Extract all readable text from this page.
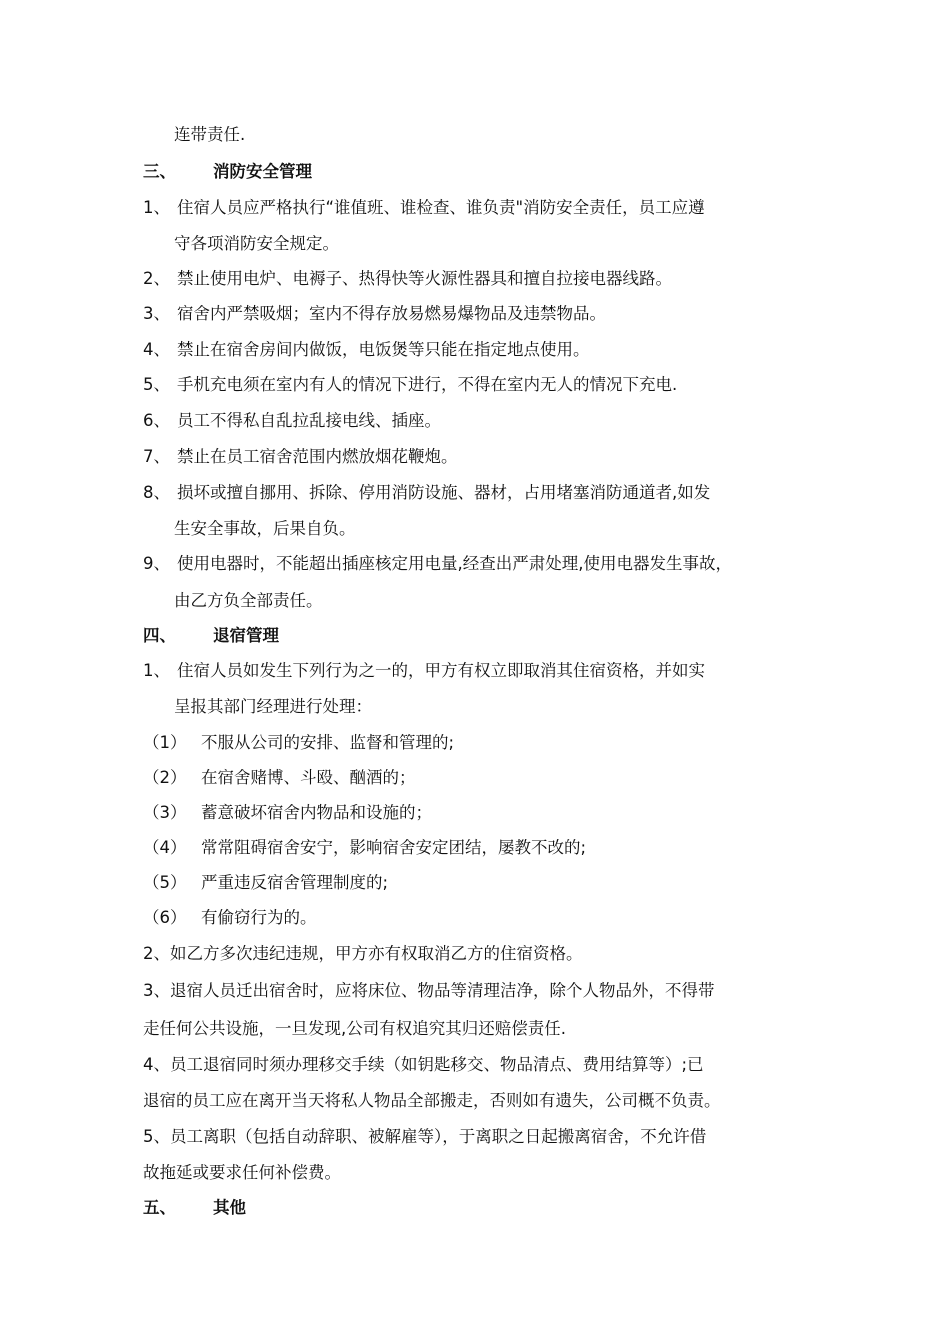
连带责任.
三、 消防安全管理
1、 住宿人员应严格执行“谁值班、谁检查、谁负责"消防安全责任，员工应遵
守各项消防安全规定。
2、 禁止使用电炉、电褥子、热得快等火源性器具和擅自拉接电器线路。
3、 宿舍内严禁吸烟；室内不得存放易燃易爆物品及违禁物品。
4、 禁止在宿舍房间内做饭，电饭煲等只能在指定地点使用。
5、 手机充电须在室内有人的情况下进行，不得在室内无人的情况下充电.
6、 员工不得私自乱拉乱接电线、插座。
7、 禁止在员工宿舍范围内燃放烟花鞭炮。
8、 损坏或擅自挪用、拆除、停用消防设施、器材，占用堵塞消防通道者,如发
生安全事故，后果自负。
9、 使用电器时，不能超出插座核定用电量,经查出严肃处理,使用电器发生事故，
由乙方负全部责任。
四、 退宿管理
1、 住宿人员如发生下列行为之一的，甲方有权立即取消其住宿资格，并如实
呈报其部门经理进行处理：
（1） 不服从公司的安排、监督和管理的;
（2） 在宿舍赌博、斗殴、酗酒的；
（3） 蓄意破坏宿舍内物品和设施的；
（4） 常常阻碍宿舍安宁，影响宿舍安定团结，屡教不改的;
（5） 严重违反宿舍管理制度的;
（6） 有偷窃行为的。
2、如乙方多次违纪违规，甲方亦有权取消乙方的住宿资格。
3、退宿人员迁出宿舍时，应将床位、物品等清理洁净，除个人物品外，不得带
走任何公共设施，一旦发现,公司有权追究其归还赔偿责任.
4、员工退宿同时须办理移交手续（如钥匙移交、物品清点、费用结算等）;已
退宿的员工应在离开当天将私人物品全部搬走，否则如有遗失，公司概不负责。
5、员工离职（包括自动辞职、被解雇等），于离职之日起搬离宿舍，不允许借
故拖延或要求任何补偿费。
五、 其他
